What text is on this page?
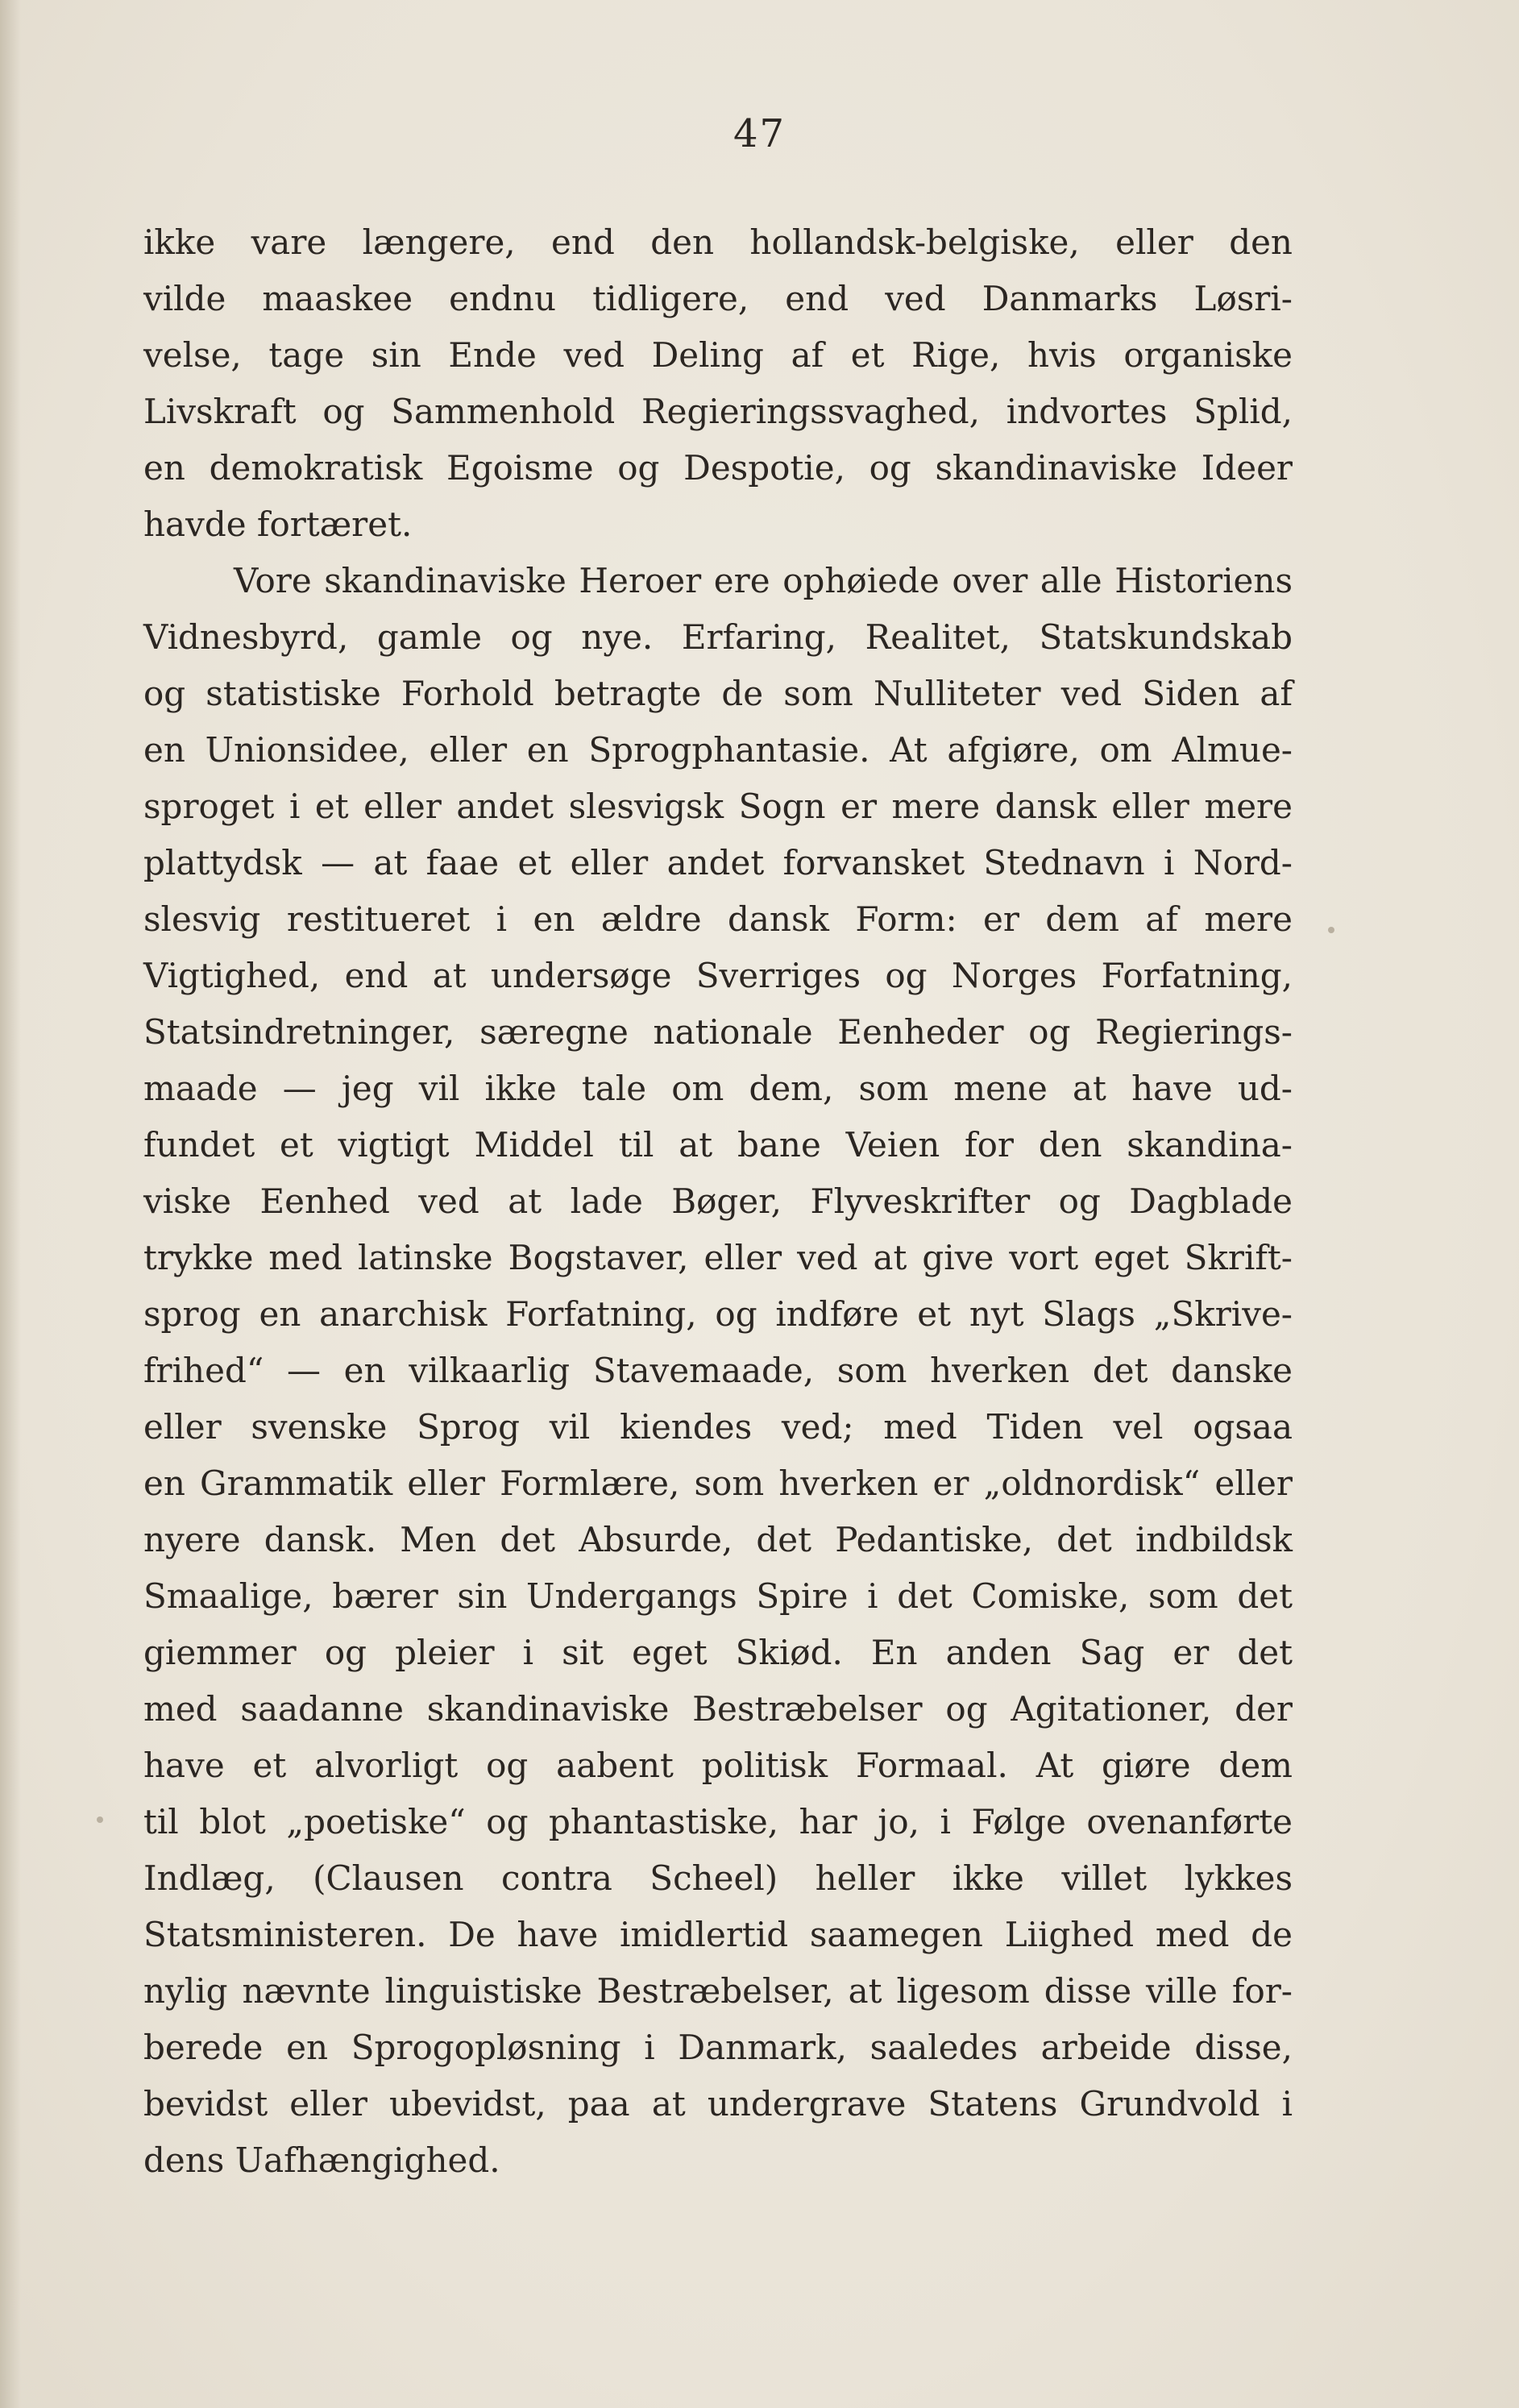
47
ikke vare længere, end den hollandsk-belgiske, eller den
vilde maaskee endnu tidligere, end ved Danmarks Løsri-
velse, tage sin Ende ved Deling af et Rige, hvis organiske
Livskraft og Sammenhold Regieringssvaghed, indvortes Splid,
en demokratisk Egoisme og Despotie, og skandinaviske Ideer
havde fortæret.
Vore skandinaviske Heroer ere ophøiede over alle Historiens
Vidnesbyrd, gamle og nye. Erfaring, Realitet, Statskundskab
og statistiske Forhold betragte de som Nulliteter ved Siden af
en Unionsidee, eller en Sprogphantasie. At afgiøre, om Almue-
sproget i et eller andet slesvigsk Sogn er mere dansk eller mere
plattydsk — at faae et eller andet forvansket Stednavn i Nord-
slesvig restitueret i en ældre dansk Form: er dem af mere
Vigtighed, end at undersøge Sverriges og Norges Forfatning,
Statsindretninger, særegne nationale Eenheder og Regierings-
maade — jeg vil ikke tale om dem, som mene at have ud-
fundet et vigtigt Middel til at bane Veien for den skandina-
viske Eenhed ved at lade Bøger, Flyveskrifter og Dagblade
trykke med latinske Bogstaver, eller ved at give vort eget Skrift-
sprog en anarchisk Forfatning, og indføre et nyt Slags „Skrive-
frihed“ — en vilkaarlig Stavemaade, som hverken det danske
eller svenske Sprog vil kiendes ved; med Tiden vel ogsaa
en Grammatik eller Formlære, som hverken er „oldnordisk“ eller
nyere dansk. Men det Absurde, det Pedantiske, det indbildsk
Smaalige, bærer sin Undergangs Spire i det Comiske, som det
giemmer og pleier i sit eget Skiød. En anden Sag er det
med saadanne skandinaviske Bestræbelser og Agitationer, der
have et alvorligt og aabent politisk Formaal. At giøre dem
til blot „poetiske“ og phantastiske, har jo, i Følge ovenanførte
Indlæg, (Clausen contra Scheel) heller ikke villet lykkes
Statsministeren. De have imidlertid saamegen Liighed med de
nylig nævnte linguistiske Bestræbelser, at ligesom disse ville for-
berede en Sprogopløsning i Danmark, saaledes arbeide disse,
bevidst eller ubevidst, paa at undergrave Statens Grundvold i
dens Uafhængighed.
